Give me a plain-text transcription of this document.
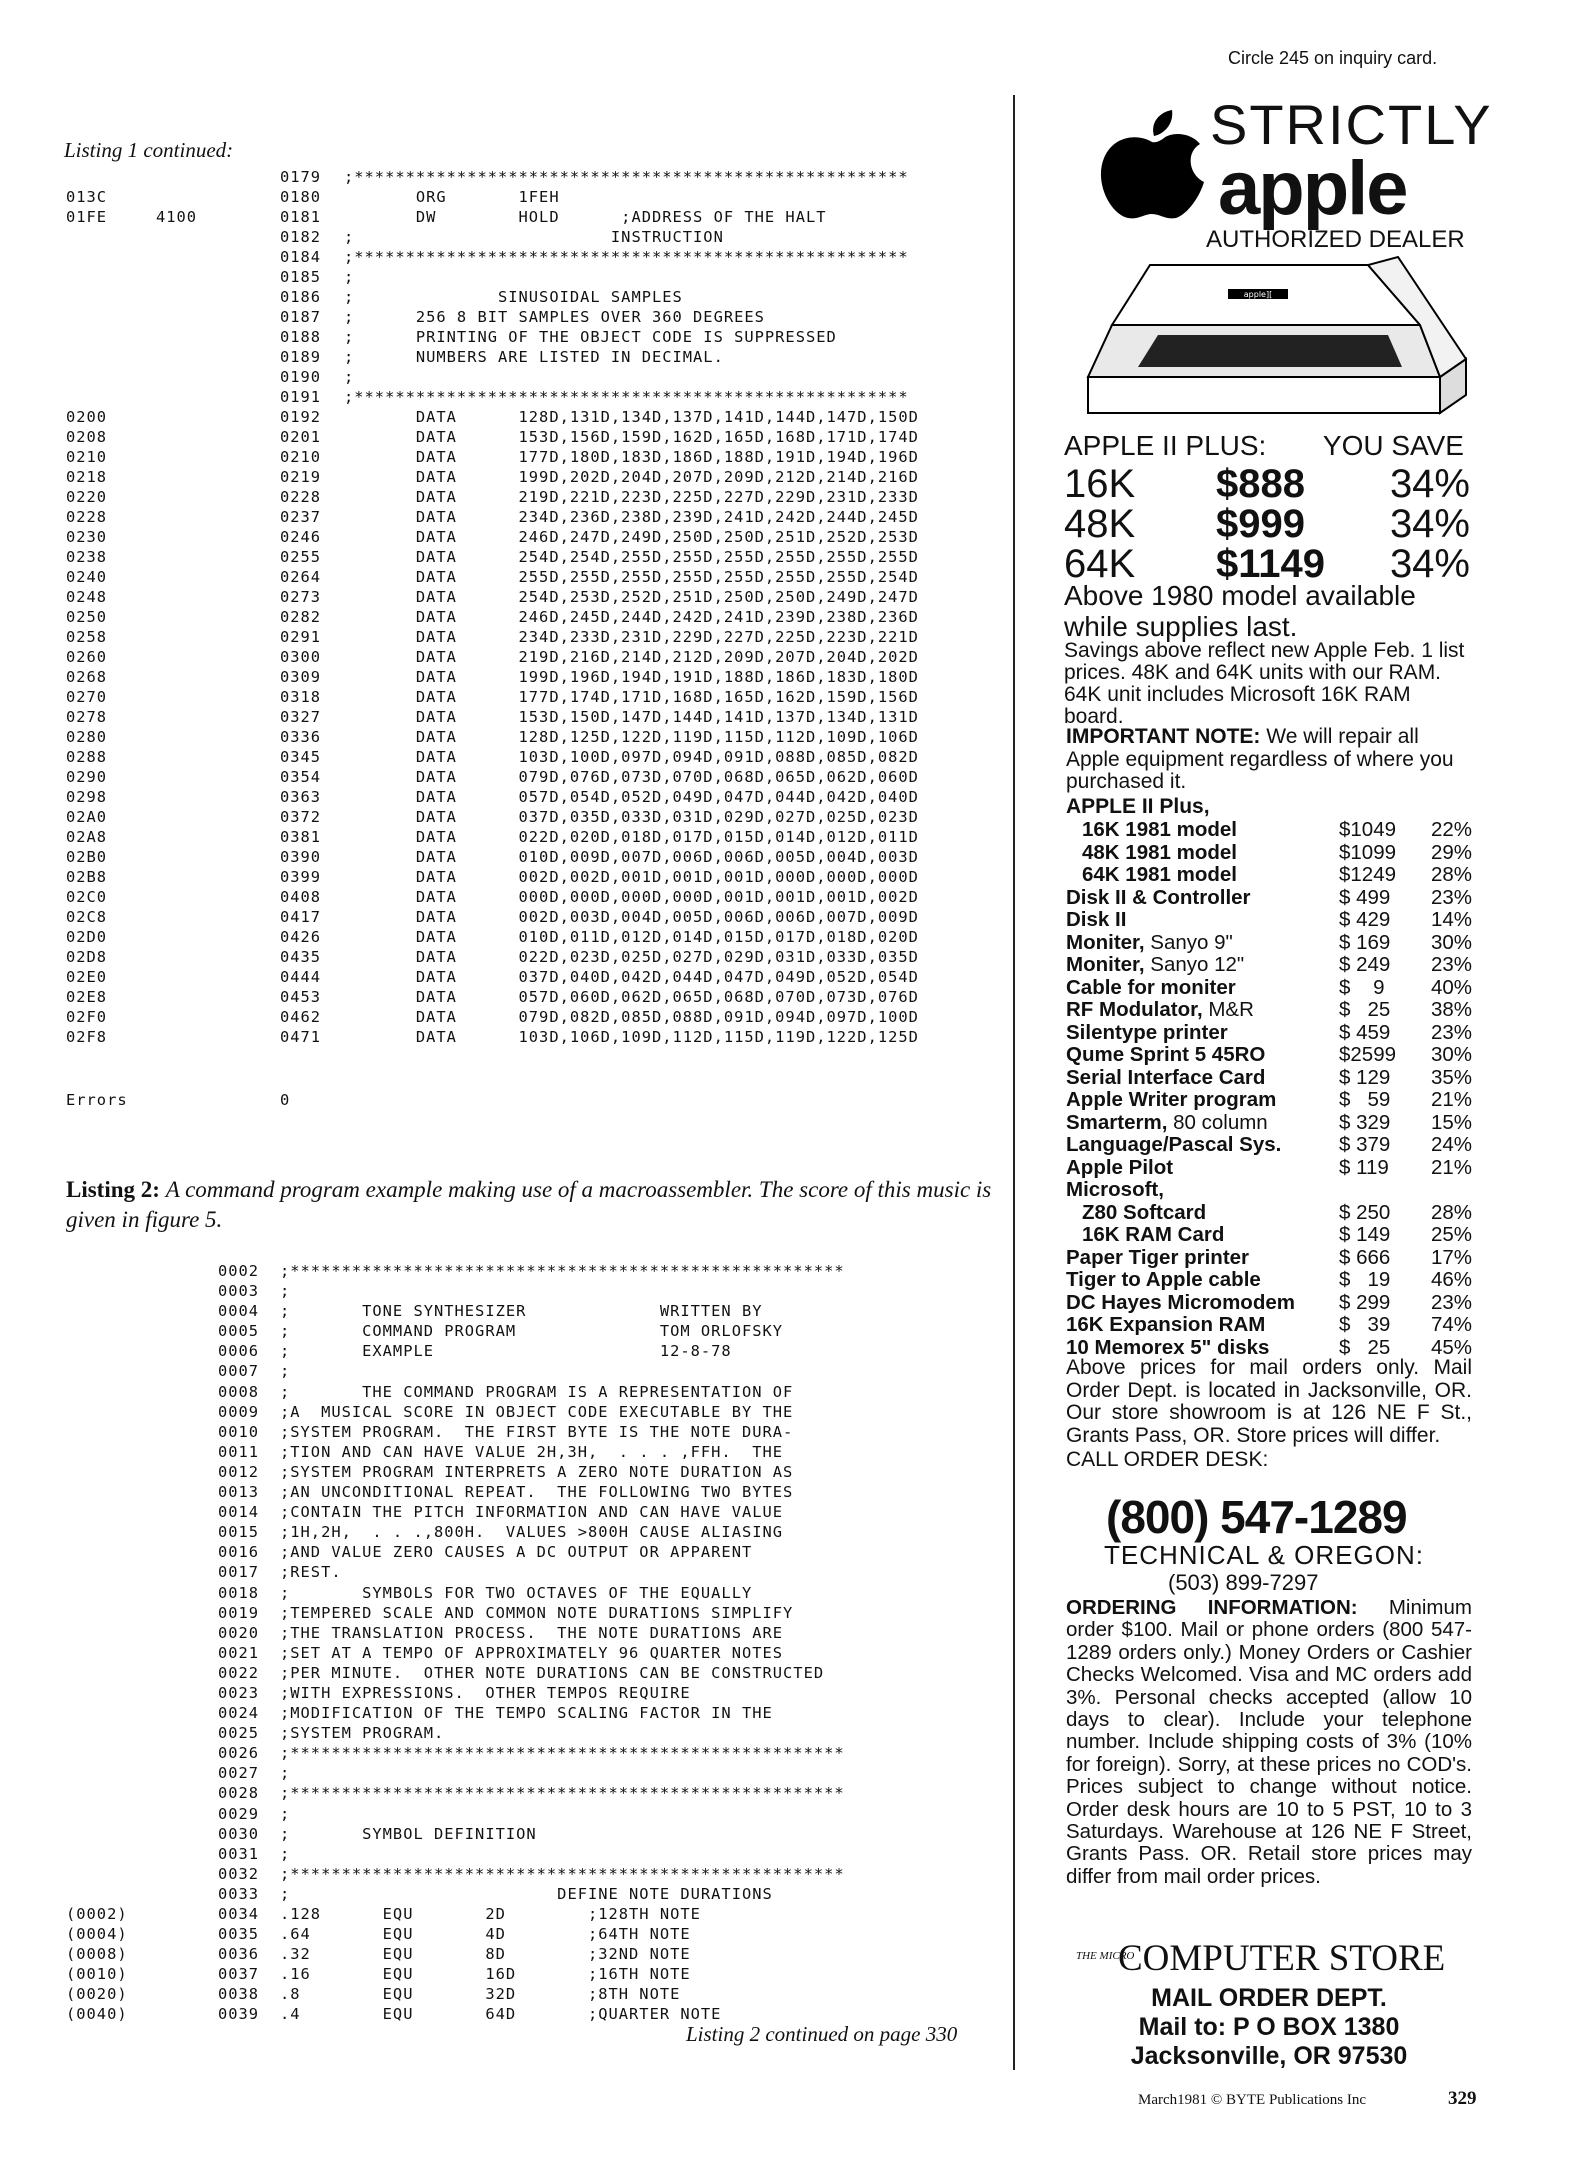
Listing 1 continued:
0179 ;******************************************************
013C	0180 ORG       1FEH
01FE	4100	0181 DW        HOLD      ;ADDRESS OF THE HALT
0182 ;                         INSTRUCTION
0184 ;******************************************************
0185 ;
0186 ;              SINUSOIDAL SAMPLES
0187 ;      256 8 BIT SAMPLES OVER 360 DEGREES
0188 ;      PRINTING OF THE OBJECT CODE IS SUPPRESSED
0189 ;      NUMBERS ARE LISTED IN DECIMAL.
0190 ;
0191 ;******************************************************
0200	0192 DATA      128D,131D,134D,137D,141D,144D,147D,150D
0208	0201 DATA      153D,156D,159D,162D,165D,168D,171D,174D
0210	0210 DATA      177D,180D,183D,186D,188D,191D,194D,196D
0218	0219 DATA      199D,202D,204D,207D,209D,212D,214D,216D
0220	0228 DATA      219D,221D,223D,225D,227D,229D,231D,233D
0228	0237 DATA      234D,236D,238D,239D,241D,242D,244D,245D
0230	0246 DATA      246D,247D,249D,250D,250D,251D,252D,253D
0238	0255 DATA      254D,254D,255D,255D,255D,255D,255D,255D
0240	0264 DATA      255D,255D,255D,255D,255D,255D,255D,254D
0248	0273 DATA      254D,253D,252D,251D,250D,250D,249D,247D
0250	0282 DATA      246D,245D,244D,242D,241D,239D,238D,236D
0258	0291 DATA      234D,233D,231D,229D,227D,225D,223D,221D
0260	0300 DATA      219D,216D,214D,212D,209D,207D,204D,202D
0268	0309 DATA      199D,196D,194D,191D,188D,186D,183D,180D
0270	0318 DATA      177D,174D,171D,168D,165D,162D,159D,156D
0278	0327 DATA      153D,150D,147D,144D,141D,137D,134D,131D
0280	0336 DATA      128D,125D,122D,119D,115D,112D,109D,106D
0288	0345 DATA      103D,100D,097D,094D,091D,088D,085D,082D
0290	0354 DATA      079D,076D,073D,070D,068D,065D,062D,060D
0298	0363 DATA      057D,054D,052D,049D,047D,044D,042D,040D
02A0	0372 DATA      037D,035D,033D,031D,029D,027D,025D,023D
02A8	0381 DATA      022D,020D,018D,017D,015D,014D,012D,011D
02B0	0390 DATA      010D,009D,007D,006D,006D,005D,004D,003D
02B8	0399 DATA      002D,002D,001D,001D,001D,000D,000D,000D
02C0	0408 DATA      000D,000D,000D,000D,001D,001D,001D,002D
02C8	0417 DATA      002D,003D,004D,005D,006D,006D,007D,009D
02D0	0426 DATA      010D,011D,012D,014D,015D,017D,018D,020D
02D8	0435 DATA      022D,023D,025D,027D,029D,031D,033D,035D
02E0	0444 DATA      037D,040D,042D,044D,047D,049D,052D,054D
02E8	0453 DATA      057D,060D,062D,065D,068D,070D,073D,076D
02F0	0462 DATA      079D,082D,085D,088D,091D,094D,097D,100D
02F8	0471 DATA      103D,106D,109D,112D,115D,119D,122D,125D
Errors	0
Listing 2: A command program example making use of a macroassembler. The score of this music is given in figure 5.
0002 ;******************************************************
0003 ;
0004 ;       TONE SYNTHESIZER             WRITTEN BY
0005 ;       COMMAND PROGRAM              TOM ORLOFSKY
0006 ;       EXAMPLE                      12-8-78
0007 ;
0008 ;       THE COMMAND PROGRAM IS A REPRESENTATION OF
0009 ;A  MUSICAL SCORE IN OBJECT CODE EXECUTABLE BY THE
0010 ;SYSTEM PROGRAM.  THE FIRST BYTE IS THE NOTE DURA-
0011 ;TION AND CAN HAVE VALUE 2H,3H,  . . . ,FFH.  THE
0012 ;SYSTEM PROGRAM INTERPRETS A ZERO NOTE DURATION AS
0013 ;AN UNCONDITIONAL REPEAT.  THE FOLLOWING TWO BYTES
0014 ;CONTAIN THE PITCH INFORMATION AND CAN HAVE VALUE
0015 ;1H,2H,  . . .,800H.  VALUES >800H CAUSE ALIASING
0016 ;AND VALUE ZERO CAUSES A DC OUTPUT OR APPARENT
0017 ;REST.
0018 ;       SYMBOLS FOR TWO OCTAVES OF THE EQUALLY
0019 ;TEMPERED SCALE AND COMMON NOTE DURATIONS SIMPLIFY
0020 ;THE TRANSLATION PROCESS.  THE NOTE DURATIONS ARE
0021 ;SET AT A TEMPO OF APPROXIMATELY 96 QUARTER NOTES
0022 ;PER MINUTE.  OTHER NOTE DURATIONS CAN BE CONSTRUCTED
0023 ;WITH EXPRESSIONS.  OTHER TEMPOS REQUIRE
0024 ;MODIFICATION OF THE TEMPO SCALING FACTOR IN THE
0025 ;SYSTEM PROGRAM.
0026 ;******************************************************
0027 ;
0028 ;******************************************************
0029 ;
0030 ;       SYMBOL DEFINITION
0031 ;
0032 ;******************************************************
0033 ;                          DEFINE NOTE DURATIONS
(0002)	0034 .128      EQU       2D        ;128TH NOTE
(0004)	0035 .64       EQU       4D        ;64TH NOTE
(0008)	0036 .32       EQU       8D        ;32ND NOTE
(0010)	0037 .16       EQU       16D       ;16TH NOTE
(0020)	0038 .8        EQU       32D       ;8TH NOTE
(0040)	0039 .4        EQU       64D       ;QUARTER NOTE
Listing 2 continued on page 330
Circle 245 on inquiry card.
STRICTLY
apple
AUTHORIZED DEALER
apple][
APPLE II PLUS: YOU SAVE
16K $888 34%
48K $999 34%
64K $1149 34%
Above 1980 model available while supplies last.
Savings above reflect new Apple Feb. 1 list prices. 48K and 64K units with our RAM. 64K unit includes Microsoft 16K RAM board.
IMPORTANT NOTE: We will repair all Apple equipment regardless of where you purchased it.
APPLE II Plus,
16K 1981 model	$1049 22%
48K 1981 model	$1099 29%
64K 1981 model	$1249 28%
Disk II & Controller	$ 499 23%
Disk II	$ 429 14%
Moniter, Sanyo 9"	$ 169 30%
Moniter, Sanyo 12"	$ 249 23%
Cable for moniter	$    9 40%
RF Modulator, M&R	$   25 38%
Silentype printer	$ 459 23%
Qume Sprint 5 45RO	$2599 30%
Serial Interface Card	$ 129 35%
Apple Writer program	$   59 21%
Smarterm, 80 column	$ 329 15%
Language/Pascal Sys.	$ 379 24%
Apple Pilot	$ 119 21%
Microsoft,
Z80 Softcard	$ 250 28%
16K RAM Card	$ 149 25%
Paper Tiger printer	$ 666 17%
Tiger to Apple cable	$   19 46%
DC Hayes Micromodem $ 299 23%
16K Expansion RAM	$   39 74%
10 Memorex 5" disks	$   25 45%
Above prices for mail orders only. Mail Order Dept. is located in Jacksonville, OR. Our store showroom is at 126 NE F St., Grants Pass, OR. Store prices will differ.
CALL ORDER DESK:
(800) 547-1289
TECHNICAL & OREGON:
(503) 899-7297
ORDERING INFORMATION: Minimum order $100. Mail or phone orders (800 547-1289 orders only.) Money Orders or Cashier Checks Welcomed. Visa and MC orders add 3%. Personal checks accepted (allow 10 days to clear). Include your telephone number. Include shipping costs of 3% (10% for foreign). Sorry, at these prices no COD's. Prices subject to change without notice. Order desk hours are 10 to 5 PST, 10 to 3 Saturdays. Warehouse at 126 NE F Street, Grants Pass. OR. Retail store prices may differ from mail order prices.
THE MICRO
COMPUTER STORE
MAIL ORDER DEPT.
Mail to: P O BOX 1380
Jacksonville, OR 97530
March1981 © BYTE Publications Inc	329
